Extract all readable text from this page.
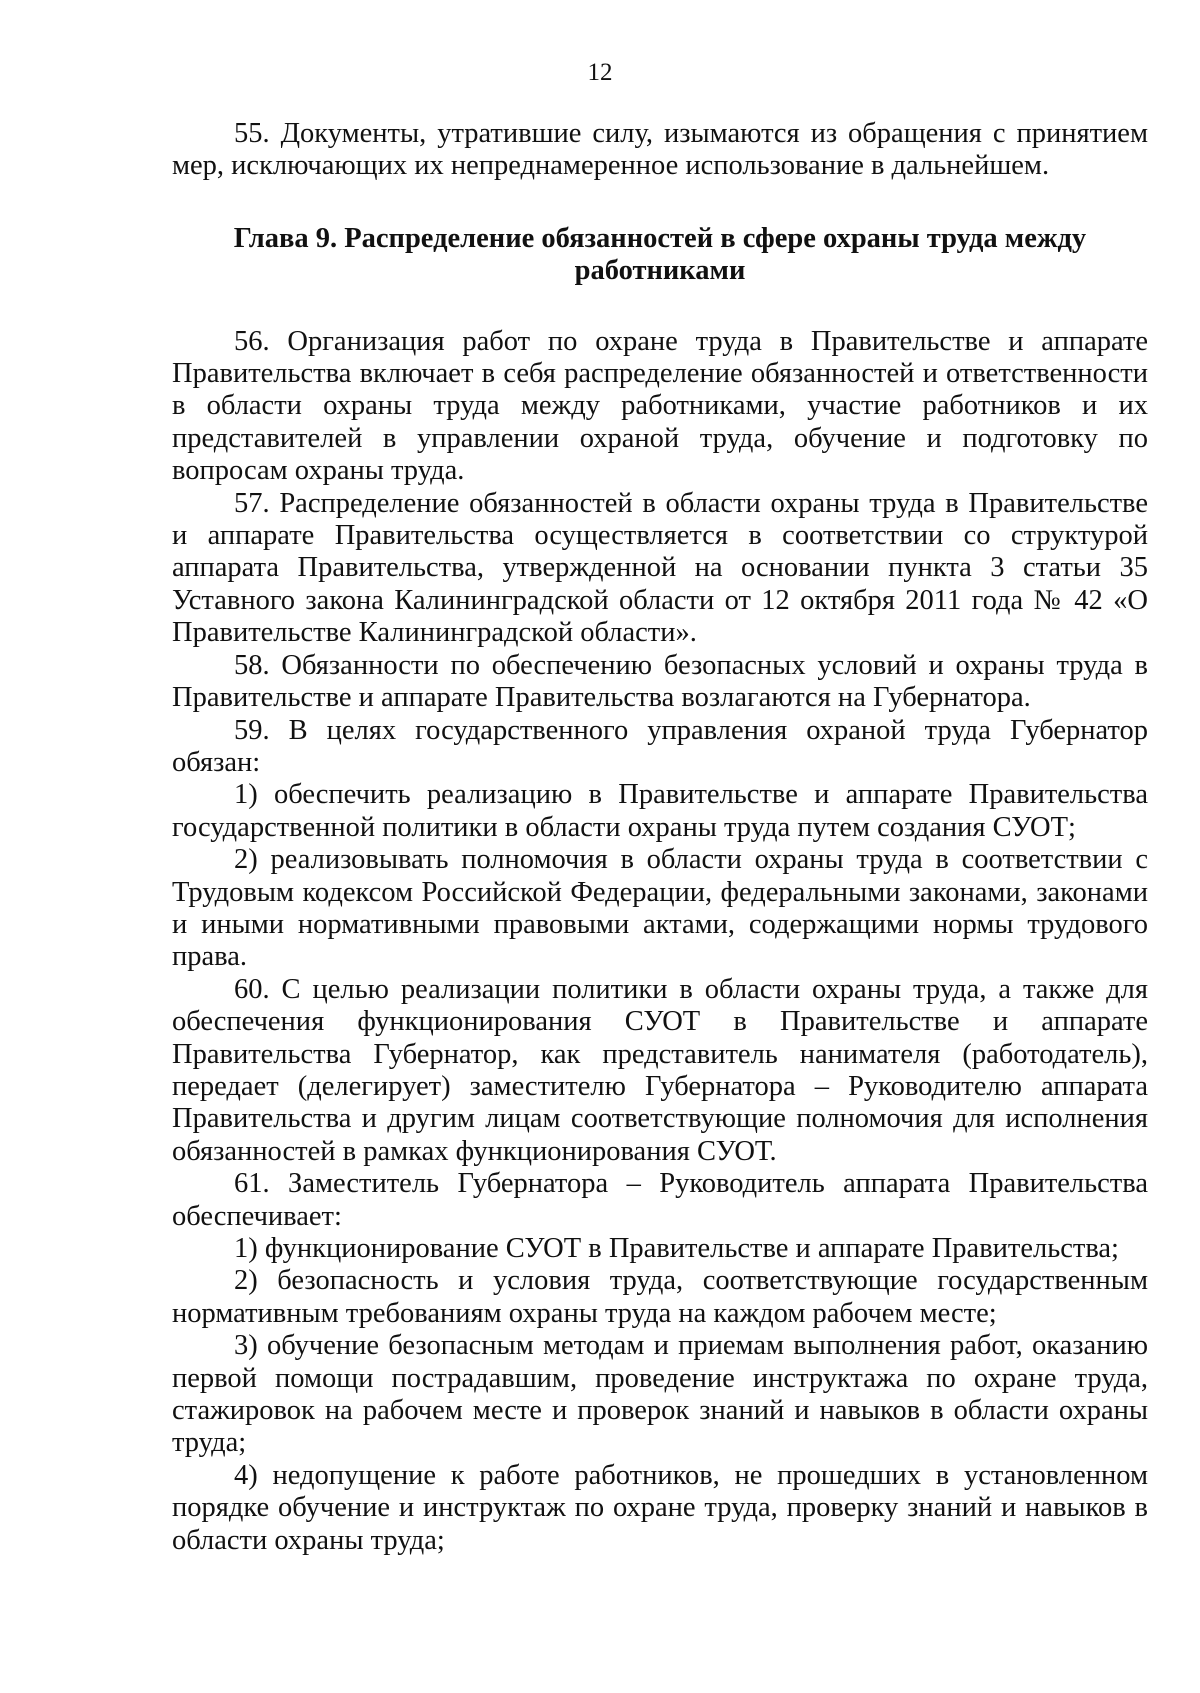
12

55. Документы, утратившие силу, изымаются из обращения с принятием мер, исключающих их непреднамеренное использование в дальнейшем.

Глава 9. Распределение обязанностей в сфере охраны труда между работниками

56. Организация работ по охране труда в Правительстве и аппарате Правительства включает в себя распределение обязанностей и ответственности в области охраны труда между работниками, участие работников и их представителей в управлении охраной труда, обучение и подготовку по вопросам охраны труда.

57. Распределение обязанностей в области охраны труда в Правительстве и аппарате Правительства осуществляется в соответствии со структурой аппарата Правительства, утвержденной на основании пункта 3 статьи 35 Уставного закона Калининградской области от 12 октября 2011 года № 42 «О Правительстве Калининградской области».

58. Обязанности по обеспечению безопасных условий и охраны труда в Правительстве и аппарате Правительства возлагаются на Губернатора.

59. В целях государственного управления охраной труда Губернатор обязан:

1) обеспечить реализацию в Правительстве и аппарате Правительства государственной политики в области охраны труда путем создания СУОТ;

2) реализовывать полномочия в области охраны труда в соответствии с Трудовым кодексом Российской Федерации, федеральными законами, законами и иными нормативными правовыми актами, содержащими нормы трудового права.

60. С целью реализации политики в области охраны труда, а также для обеспечения функционирования СУОТ в Правительстве и аппарате Правительства Губернатор, как представитель нанимателя (работодатель), передает (делегирует) заместителю Губернатора – Руководителю аппарата Правительства и другим лицам соответствующие полномочия для исполнения обязанностей в рамках функционирования СУОТ.

61. Заместитель Губернатора – Руководитель аппарата Правительства обеспечивает:

1) функционирование СУОТ в Правительстве и аппарате Правительства;

2) безопасность и условия труда, соответствующие государственным нормативным требованиям охраны труда на каждом рабочем месте;

3) обучение безопасным методам и приемам выполнения работ, оказанию первой помощи пострадавшим, проведение инструктажа по охране труда, стажировок на рабочем месте и проверок знаний и навыков в области охраны труда;

4) недопущение к работе работников, не прошедших в установленном порядке обучение и инструктаж по охране труда, проверку знаний и навыков в области охраны труда;
